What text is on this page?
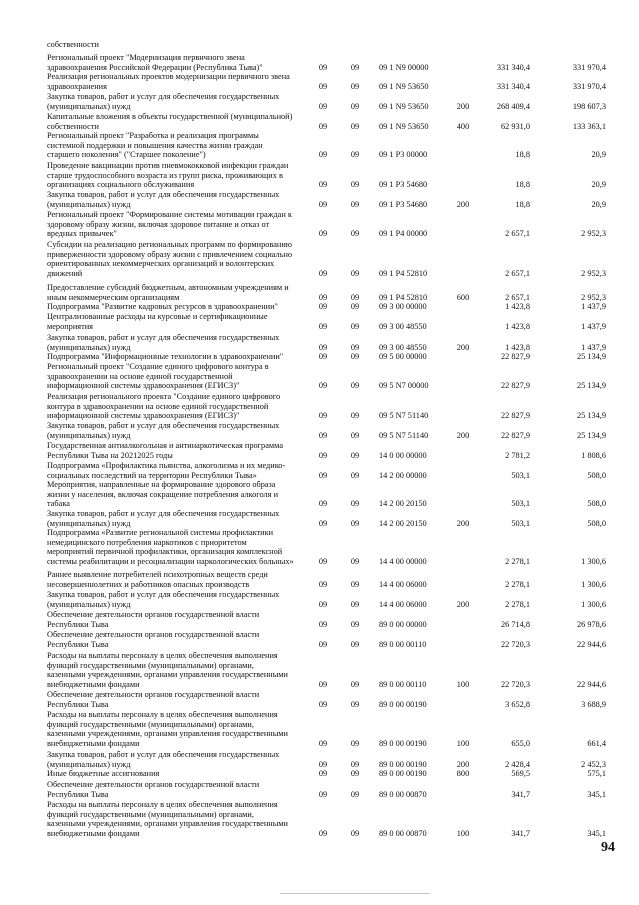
собственности
Региональный проект "Модернизация первичного звена
здравоохранения Российской Федерации (Республика Тыва)"	09	09	09 1 N9 00000	331 340,4	331 970,4
Реализация региональных проектов модернизации первичного звена
здравоохранения	09	09	09 1 N9 53650	331 340,4	331 970,4
Закупка товаров, работ и услуг для обеспечения государственных
(муниципальных) нужд	09	09	09 1 N9 53650	200	268 409,4	198 607,3
Капитальные вложения в объекты государственной (муниципальной)
собственности	09	09	09 1 N9 53650	400	62 931,0	133 363,1
Региональный проект "Разработка и реализация программы
системной поддержки и повышения качества жизни граждан
старшего поколения" ("Старшее поколение")	09	09	09 1 P3 00000	18,8	20,9
Проведение вакцинации против пневмококковой инфекции граждан
старше трудоспособного возраста из групп риска, проживающих в
организациях социального обслуживания	09	09	09 1 P3 54680	18,8	20,9
Закупка товаров, работ и услуг для обеспечения государственных
(муниципальных) нужд	09	09	09 1 P3 54680	200	18,8	20,9
Региональный проект "Формирование системы мотивации граждан к
здоровому образу жизни, включая здоровое питание и отказ от
вредных привычек"	09	09	09 1 P4 00000	2 657,1	2 952,3
Субсидии на реализацию региональных программ по формированию
приверженности здоровому образу жизни с привлечением социально
ориентированных некоммерческих организаций и волонтерских
движений	09	09	09 1 P4 52810	2 657,1	2 952,3
Предоставление субсидий бюджетным, автономным учреждениям и
иным некоммерческим организациям	09	09	09 1 P4 52810	600	2 657,1	2 952,3
Подпрограмма "Развитие кадровых ресурсов в здравоохранении"	09	09	09 3 00 00000	1 423,8	1 437,9
Централизованные расходы на курсовые и сертификационные
мероприятия	09	09	09 3 00 48550	1 423,8	1 437,9
Закупка товаров, работ и услуг для обеспечения государственных
(муниципальных) нужд	09	09	09 3 00 48550	200	1 423,8	1 437,9
Подпрограмма "Информационные технологии в здравоохранении"	09	09	09 5 00 00000	22 827,9	25 134,9
Региональный проект "Создание единого цифрового контура в
здравоохранении на основе единой государственной
информационной системы здравоохранения (ЕГИСЗ)"	09	09	09 5 N7 00000	22 827,9	25 134,9
Реализация регионального проекта "Создание единого цифрового
контура в здравоохранении на основе единой государственной
информационной системы здравоохранения (ЕГИСЗ)"	09	09	09 5 N7 51140	22 827,9	25 134,9
Закупка товаров, работ и услуг для обеспечения государственных
(муниципальных) нужд	09	09	09 5 N7 51140	200	22 827,9	25 134,9
Государственная антиалкогольная и антинаркотическая программа
Республики Тыва на 20212025 годы	09	09	14 0 00 00000	2 781,2	1 808,6
Подпрограмма «Профилактика пьянства, алкоголизма и их медико-
социальных последствий на территории Республики Тыва»	09	09	14 2 00 00000	503,1	508,0
Мероприятия, направленные на формирование здорового образа
жизни у населения, включая сокращение потребления алкоголя и
табака	09	09	14 2 00 20150	503,1	508,0
Закупка товаров, работ и услуг для обеспечения государственных
(муниципальных) нужд	09	09	14 2 00 20150	200	503,1	508,0
Подпрограмма «Развитие региональной системы профилактики
немедицинского потребления наркотиков с приоритетом
мероприятий первичной профилактики, организация комплексной
системы реабилитации и ресоциализации наркологических больных»	09	09	14 4 00 00000	2 278,1	1 300,6
Раннее выявление потребителей психотропных веществ среди
несовершеннолетних и работников опасных производств	09	09	14 4 00 06000	2 278,1	1 300,6
Закупка товаров, работ и услуг для обеспечения государственных
(муниципальных) нужд	09	09	14 4 00 06000	200	2 278,1	1 300,6
Обеспечение деятельности органов государственной власти
Республики Тыва	09	09	89 0 00 00000	26 714,8	26 978,6
Обеспечение деятельности органов государственной власти
Республики Тыва	09	09	89 0 00 00110	22 720,3	22 944,6
Расходы на выплаты персоналу в целях обеспечения выполнения
функций государственными (муниципальными) органами,
казенными учреждениями, органами управления государственными
внебюджетными фондами	09	09	89 0 00 00110	100	22 720,3	22 944,6
Обеспечение деятельности органов государственной власти
Республики Тыва	09	09	89 0 00 00190	3 652,8	3 688,9
Расходы на выплаты персоналу в целях обеспечения выполнения
функций государственными (муниципальными) органами,
казенными учреждениями, органами управления государственными
внебюджетными фондами	09	09	89 0 00 00190	100	655,0	661,4
Закупка товаров, работ и услуг для обеспечения государственных
(муниципальных) нужд	09	09	89 0 00 00190	200	2 428,4	2 452,3
Иные бюджетные ассигнования	09	09	89 0 00 00190	800	569,5	575,1
Обеспечение деятельности органов государственной власти
Республики Тыва	09	09	89 0 00 00870	341,7	345,1
Расходы на выплаты персоналу в целях обеспечения выполнения
функций государственными (муниципальными) органами,
казенными учреждениями, органами управления государственными
внебюджетными фондами	09	09	89 0 00 00870	100	341,7	345,1
94
